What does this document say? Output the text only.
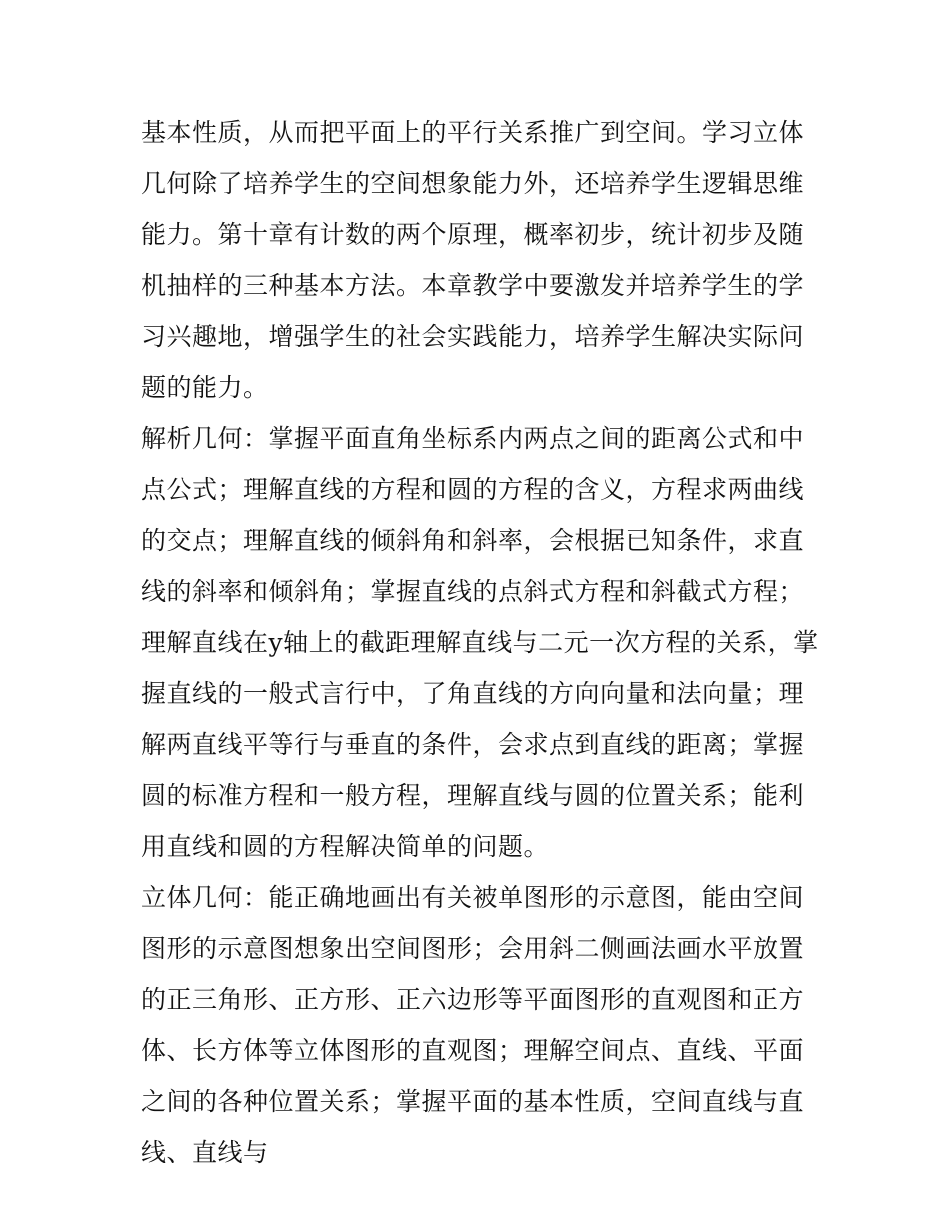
基本性质，从而把平面上的平行关系推广到空间。学习立体几何除了培养学生的空间想象能力外，还培养学生逻辑思维能力。第十章有计数的两个原理，概率初步，统计初步及随机抽样的三种基本方法。本章教学中要激发并培养学生的学习兴趣地，增强学生的社会实践能力，培养学生解决实际问题的能力。

解析几何：掌握平面直角坐标系内两点之间的距离公式和中点公式；理解直线的方程和圆的方程的含义，方程求两曲线的交点；理解直线的倾斜角和斜率，会根据已知条件，求直线的斜率和倾斜角；掌握直线的点斜式方程和斜截式方程；理解直线在y轴上的截距理解直线与二元一次方程的关系，掌握直线的一般式言行中，了角直线的方向向量和法向量；理解两直线平等行与垂直的条件，会求点到直线的距离；掌握圆的标准方程和一般方程，理解直线与圆的位置关系；能利用直线和圆的方程解决简单的问题。

立体几何：能正确地画出有关被单图形的示意图，能由空间图形的示意图想象出空间图形；会用斜二侧画法画水平放置的正三角形、正方形、正六边形等平面图形的直观图和正方体、长方体等立体图形的直观图；理解空间点、直线、平面之间的各种位置关系；掌握平面的基本性质，空间直线与直线、直线与
